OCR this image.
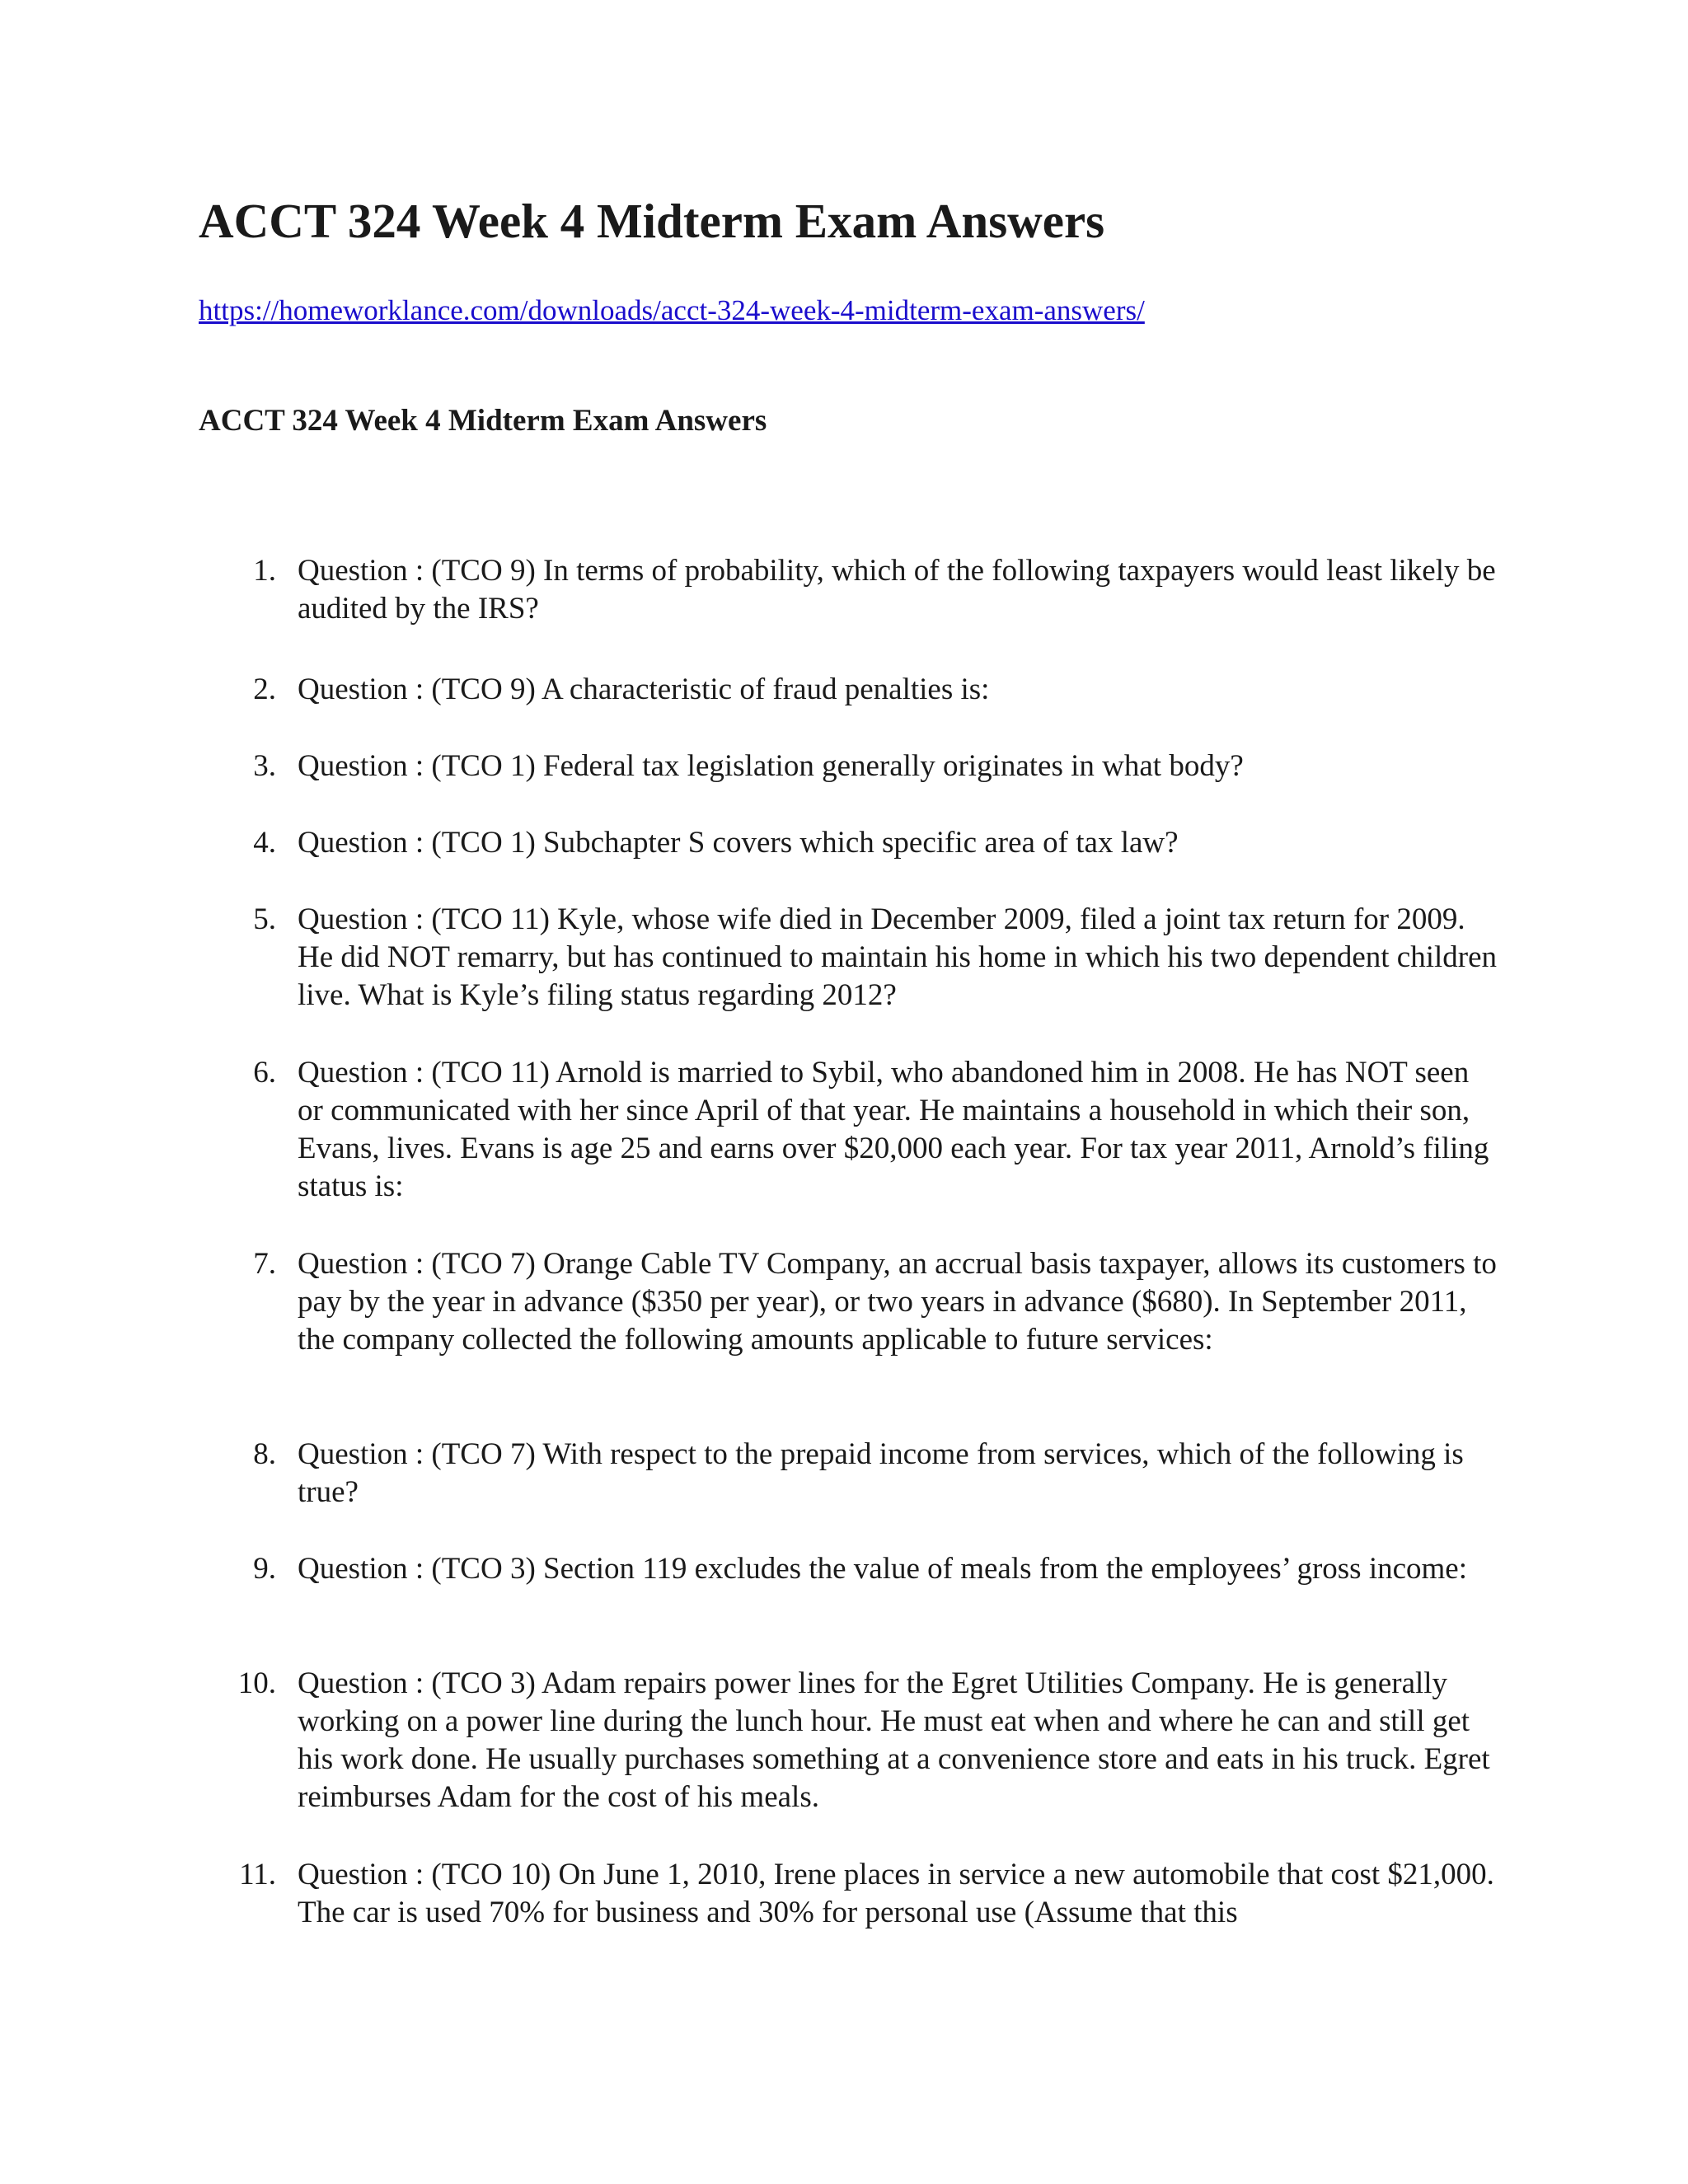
ACCT 324 Week 4 Midterm Exam Answers
https://homeworklance.com/downloads/acct-324-week-4-midterm-exam-answers/
ACCT 324 Week 4 Midterm Exam Answers
1. Question : (TCO 9) In terms of probability, which of the following taxpayers would least likely be audited by the IRS?
2. Question : (TCO 9) A characteristic of fraud penalties is:
3. Question : (TCO 1) Federal tax legislation generally originates in what body?
4. Question : (TCO 1) Subchapter S covers which specific area of tax law?
5. Question : (TCO 11) Kyle, whose wife died in December 2009, filed a joint tax return for 2009. He did NOT remarry, but has continued to maintain his home in which his two dependent children live. What is Kyle’s filing status regarding 2012?
6. Question : (TCO 11) Arnold is married to Sybil, who abandoned him in 2008. He has NOT seen or communicated with her since April of that year. He maintains a household in which their son, Evans, lives. Evans is age 25 and earns over $20,000 each year. For tax year 2011, Arnold’s filing status is:
7. Question : (TCO 7) Orange Cable TV Company, an accrual basis taxpayer, allows its customers to pay by the year in advance ($350 per year), or two years in advance ($680). In September 2011, the company collected the following amounts applicable to future services:
8. Question : (TCO 7) With respect to the prepaid income from services, which of the following is true?
9. Question : (TCO 3) Section 119 excludes the value of meals from the employees’ gross income:
10. Question : (TCO 3) Adam repairs power lines for the Egret Utilities Company. He is generally working on a power line during the lunch hour. He must eat when and where he can and still get his work done. He usually purchases something at a convenience store and eats in his truck. Egret reimburses Adam for the cost of his meals.
11. Question : (TCO 10) On June 1, 2010, Irene places in service a new automobile that cost $21,000. The car is used 70% for business and 30% for personal use (Assume that this
